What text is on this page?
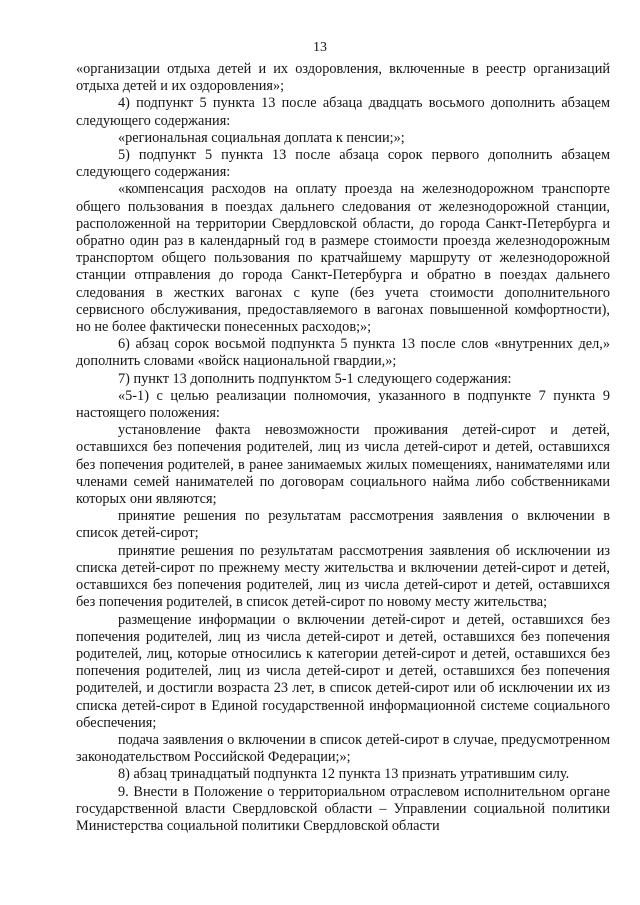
13

«организации отдыха детей и их оздоровления, включенные в реестр организаций отдыха детей и их оздоровления»;

4) подпункт 5 пункта 13 после абзаца двадцать восьмого дополнить абзацем следующего содержания:

«региональная социальная доплата к пенсии;»;

5) подпункт 5 пункта 13 после абзаца сорок первого дополнить абзацем следующего содержания:

«компенсация расходов на оплату проезда на железнодорожном транспорте общего пользования в поездах дальнего следования от железнодорожной станции, расположенной на территории Свердловской области, до города Санкт-Петербурга и обратно один раз в календарный год в размере стоимости проезда железнодорожным транспортом общего пользования по кратчайшему маршруту от железнодорожной станции отправления до города Санкт-Петербурга и обратно в поездах дальнего следования в жестких вагонах с купе (без учета стоимости дополнительного сервисного обслуживания, предоставляемого в вагонах повышенной комфортности), но не более фактически понесенных расходов;»;

6) абзац сорок восьмой подпункта 5 пункта 13 после слов «внутренних дел,» дополнить словами «войск национальной гвардии,»;

7) пункт 13 дополнить подпунктом 5-1 следующего содержания:

«5-1) с целью реализации полномочия, указанного в подпункте 7 пункта 9 настоящего положения:

установление факта невозможности проживания детей-сирот и детей, оставшихся без попечения родителей, лиц из числа детей-сирот и детей, оставшихся без попечения родителей, в ранее занимаемых жилых помещениях, нанимателями или членами семей нанимателей по договорам социального найма либо собственниками которых они являются;

принятие решения по результатам рассмотрения заявления о включении в список детей-сирот;

принятие решения по результатам рассмотрения заявления об исключении из списка детей-сирот по прежнему месту жительства и включении детей-сирот и детей, оставшихся без попечения родителей, лиц из числа детей-сирот и детей, оставшихся без попечения родителей, в список детей-сирот по новому месту жительства;

размещение информации о включении детей-сирот и детей, оставшихся без попечения родителей, лиц из числа детей-сирот и детей, оставшихся без попечения родителей, лиц, которые относились к категории детей-сирот и детей, оставшихся без попечения родителей, лиц из числа детей-сирот и детей, оставшихся без попечения родителей, и достигли возраста 23 лет, в список детей-сирот или об исключении их из списка детей-сирот в Единой государственной информационной системе социального обеспечения;

подача заявления о включении в список детей-сирот в случае, предусмотренном законодательством Российской Федерации;»;

8) абзац тринадцатый подпункта 12 пункта 13 признать утратившим силу.

9. Внести в Положение о территориальном отраслевом исполнительном органе государственной власти Свердловской области – Управлении социальной политики Министерства социальной политики Свердловской области
